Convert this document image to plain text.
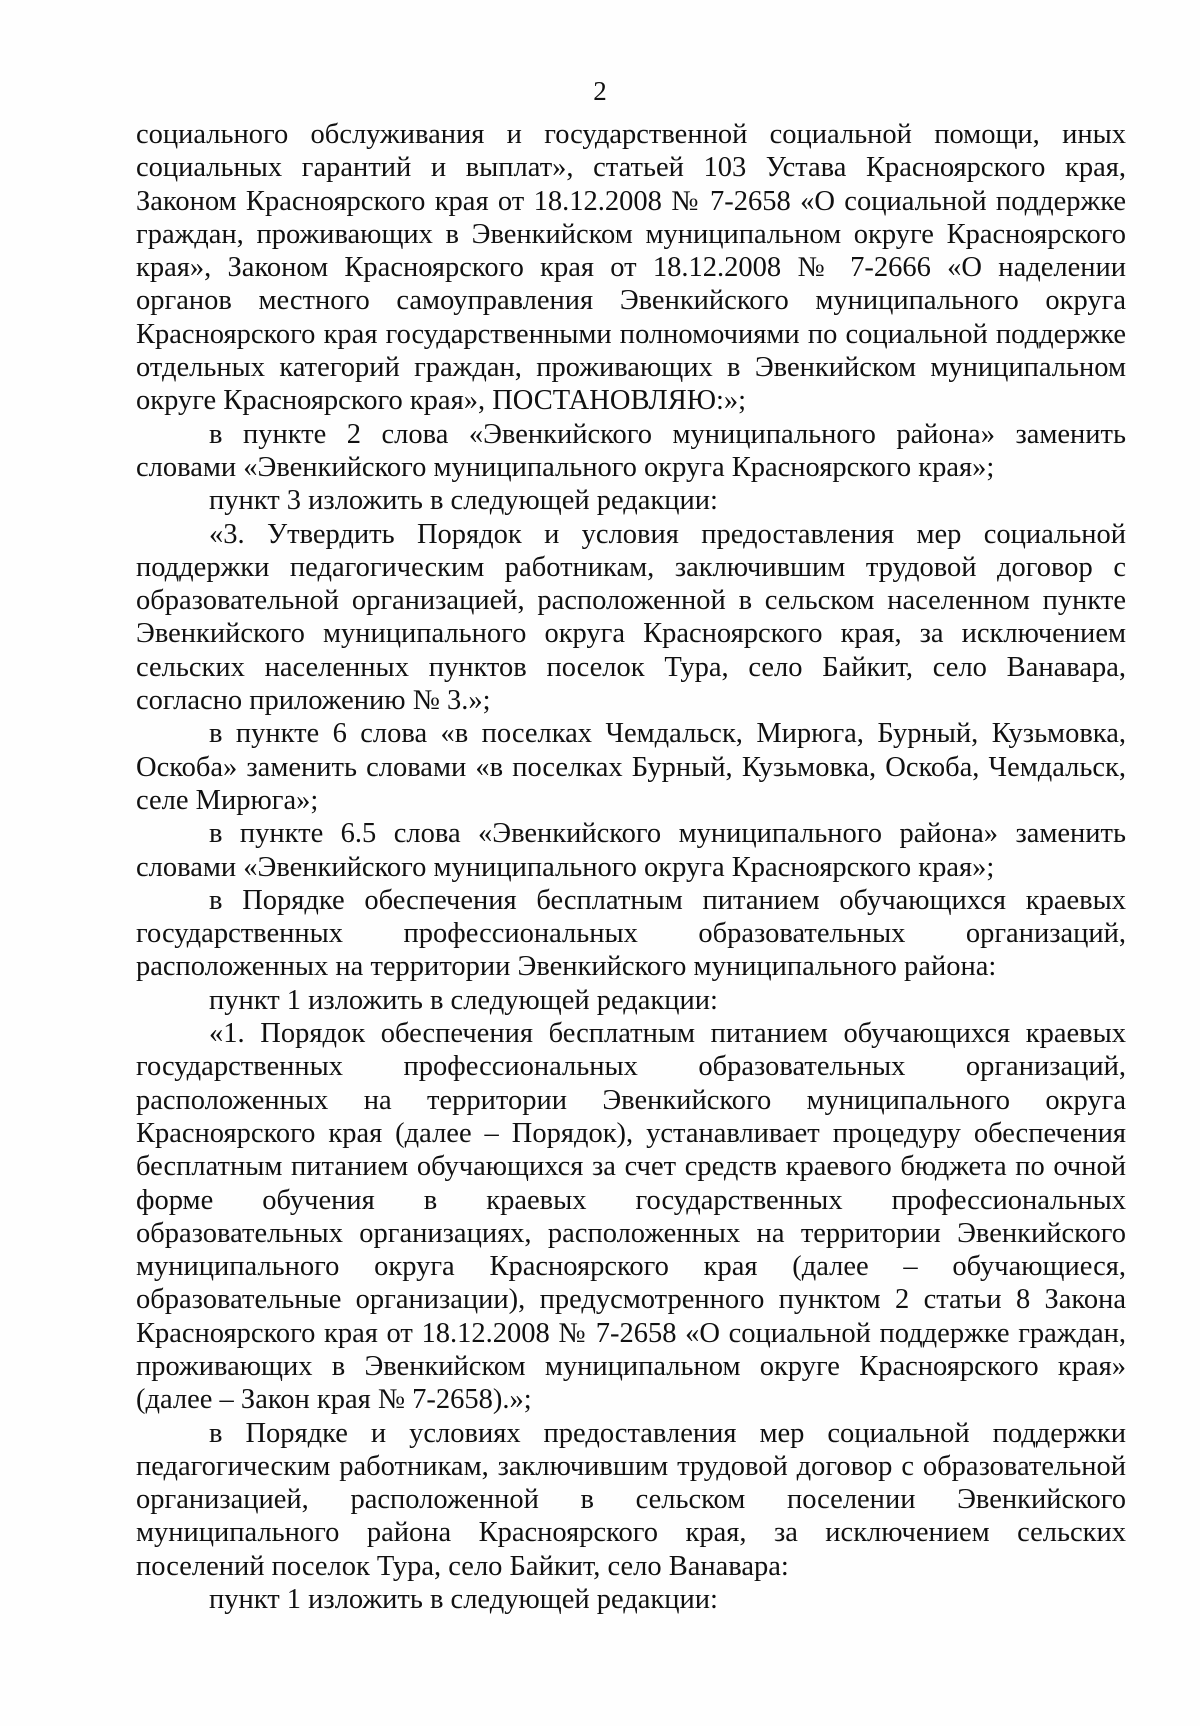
2

социального обслуживания и государственной социальной помощи, иных социальных гарантий и выплат», статьей 103 Устава Красноярского края, Законом Красноярского края от 18.12.2008 № 7-2658 «О социальной поддержке граждан, проживающих в Эвенкийском муниципальном округе Красноярского края», Законом Красноярского края от 18.12.2008 № 7-2666 «О наделении органов местного самоуправления Эвенкийского муниципального округа Красноярского края государственными полномочиями по социальной поддержке отдельных категорий граждан, проживающих в Эвенкийском муниципальном округе Красноярского края», ПОСТАНОВЛЯЮ:»;

в пункте 2 слова «Эвенкийского муниципального района» заменить словами «Эвенкийского муниципального округа Красноярского края»;

пункт 3 изложить в следующей редакции:

«3. Утвердить Порядок и условия предоставления мер социальной поддержки педагогическим работникам, заключившим трудовой договор с образовательной организацией, расположенной в сельском населенном пункте Эвенкийского муниципального округа Красноярского края, за исключением сельских населенных пунктов поселок Тура, село Байкит, село Ванавара, согласно приложению № 3.»;

в пункте 6 слова «в поселках Чемдальск, Мирюга, Бурный, Кузьмовка, Оскоба» заменить словами «в поселках Бурный, Кузьмовка, Оскоба, Чемдальск, селе Мирюга»;

в пункте 6.5 слова «Эвенкийского муниципального района» заменить словами «Эвенкийского муниципального округа Красноярского края»;

в Порядке обеспечения бесплатным питанием обучающихся краевых государственных профессиональных образовательных организаций, расположенных на территории Эвенкийского муниципального района:

пункт 1 изложить в следующей редакции:

«1. Порядок обеспечения бесплатным питанием обучающихся краевых государственных профессиональных образовательных организаций, расположенных на территории Эвенкийского муниципального округа Красноярского края (далее – Порядок), устанавливает процедуру обеспечения бесплатным питанием обучающихся за счет средств краевого бюджета по очной форме обучения в краевых государственных профессиональных образовательных организациях, расположенных на территории Эвенкийского муниципального округа Красноярского края (далее – обучающиеся, образовательные организации), предусмотренного пунктом 2 статьи 8 Закона Красноярского края от 18.12.2008 № 7-2658 «О социальной поддержке граждан, проживающих в Эвенкийском муниципальном округе Красноярского края» (далее – Закон края № 7-2658).»;

в Порядке и условиях предоставления мер социальной поддержки педагогическим работникам, заключившим трудовой договор с образовательной организацией, расположенной в сельском поселении Эвенкийского муниципального района Красноярского края, за исключением сельских поселений поселок Тура, село Байкит, село Ванавара:

пункт 1 изложить в следующей редакции:
